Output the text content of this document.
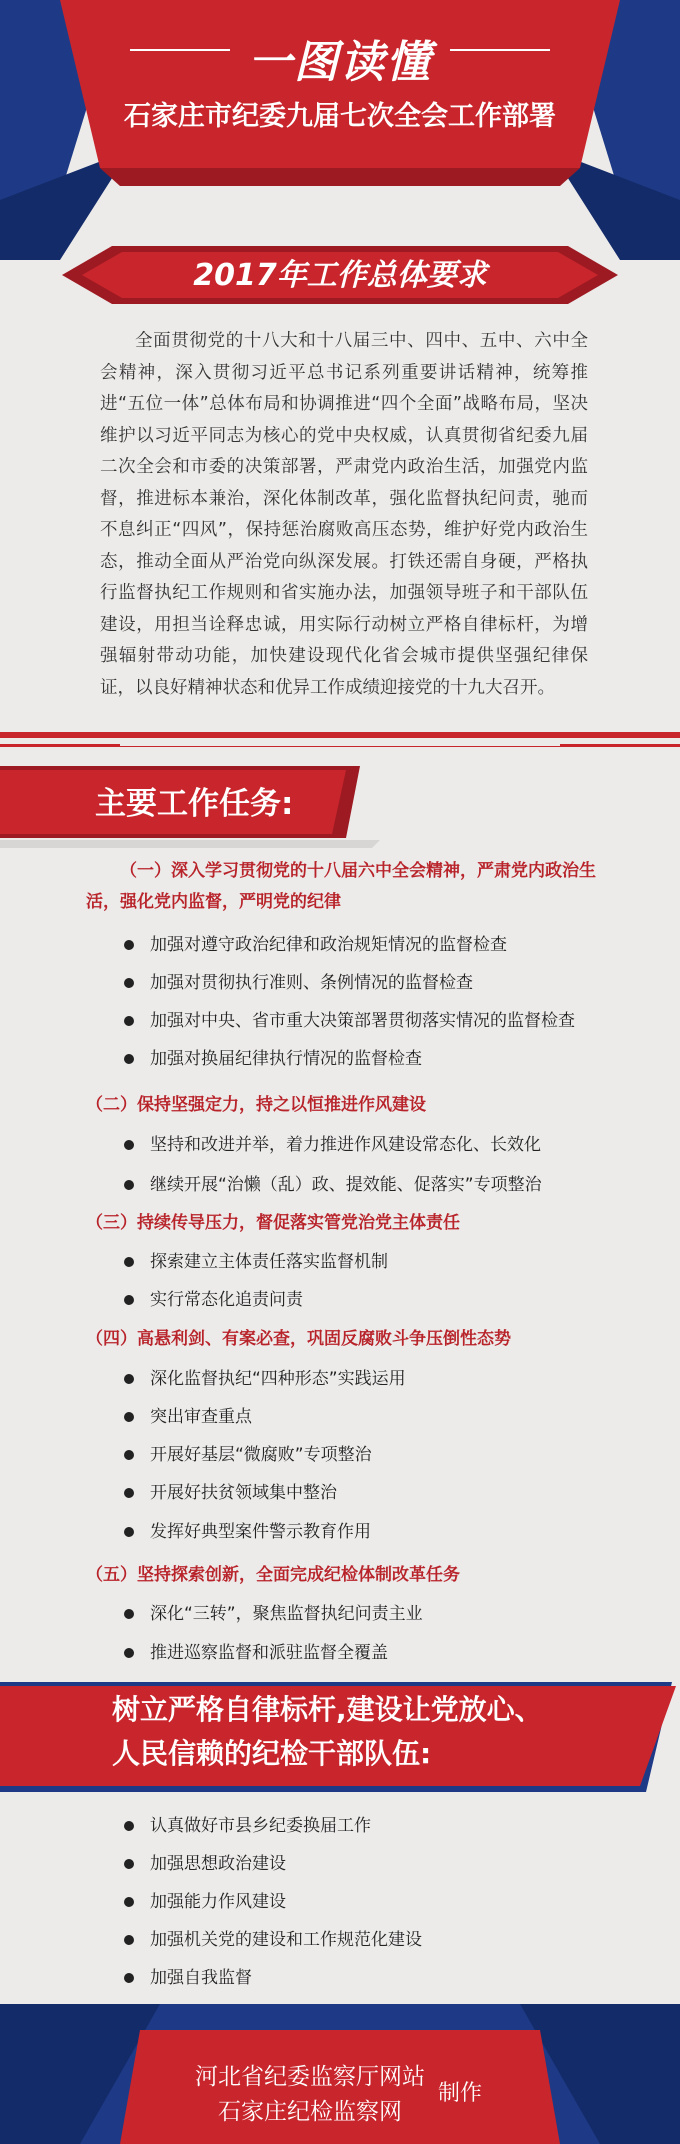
一图读懂
石家庄市纪委九届七次全会工作部署
2017年工作总体要求
全面贯彻党的十八大和十八届三中、四中、五中、六中全会精神，深入贯彻习近平总书记系列重要讲话精神，统筹推进“五位一体”总体布局和协调推进“四个全面”战略布局，坚决维护以习近平同志为核心的党中央权威，认真贯彻省纪委九届二次全会和市委的决策部署，严肃党内政治生活，加强党内监督，推进标本兼治，深化体制改革，强化监督执纪问责，驰而不息纠正“四风”，保持惩治腐败高压态势，维护好党内政治生态，推动全面从严治党向纵深发展。打铁还需自身硬，严格执行监督执纪工作规则和省实施办法，加强领导班子和干部队伍建设，用担当诠释忠诚，用实际行动树立严格自律标杆，为增强辐射带动功能，加快建设现代化省会城市提供坚强纪律保证，以良好精神状态和优异工作成绩迎接党的十九大召开。
主要工作任务:
（一）深入学习贯彻党的十八届六中全会精神，严肃党内政治生活，强化党内监督，严明党的纪律
加强对遵守政治纪律和政治规矩情况的监督检查
加强对贯彻执行准则、条例情况的监督检查
加强对中央、省市重大决策部署贯彻落实情况的监督检查
加强对换届纪律执行情况的监督检查
（二）保持坚强定力，持之以恒推进作风建设
坚持和改进并举，着力推进作风建设常态化、长效化
继续开展“治懒（乱）政、提效能、促落实”专项整治
（三）持续传导压力，督促落实管党治党主体责任
探索建立主体责任落实监督机制
实行常态化追责问责
（四）高悬利剑、有案必查，巩固反腐败斗争压倒性态势
深化监督执纪“四种形态”实践运用
突出审查重点
开展好基层“微腐败”专项整治
开展好扶贫领域集中整治
发挥好典型案件警示教育作用
（五）坚持探索创新，全面完成纪检体制改革任务
深化“三转”，聚焦监督执纪问责主业
推进巡察监督和派驻监督全覆盖
树立严格自律标杆,建设让党放心、
人民信赖的纪检干部队伍:
认真做好市县乡纪委换届工作
加强思想政治建设
加强能力作风建设
加强机关党的建设和工作规范化建设
加强自我监督
河北省纪委监察厅网站
石家庄纪检监察网
制作
